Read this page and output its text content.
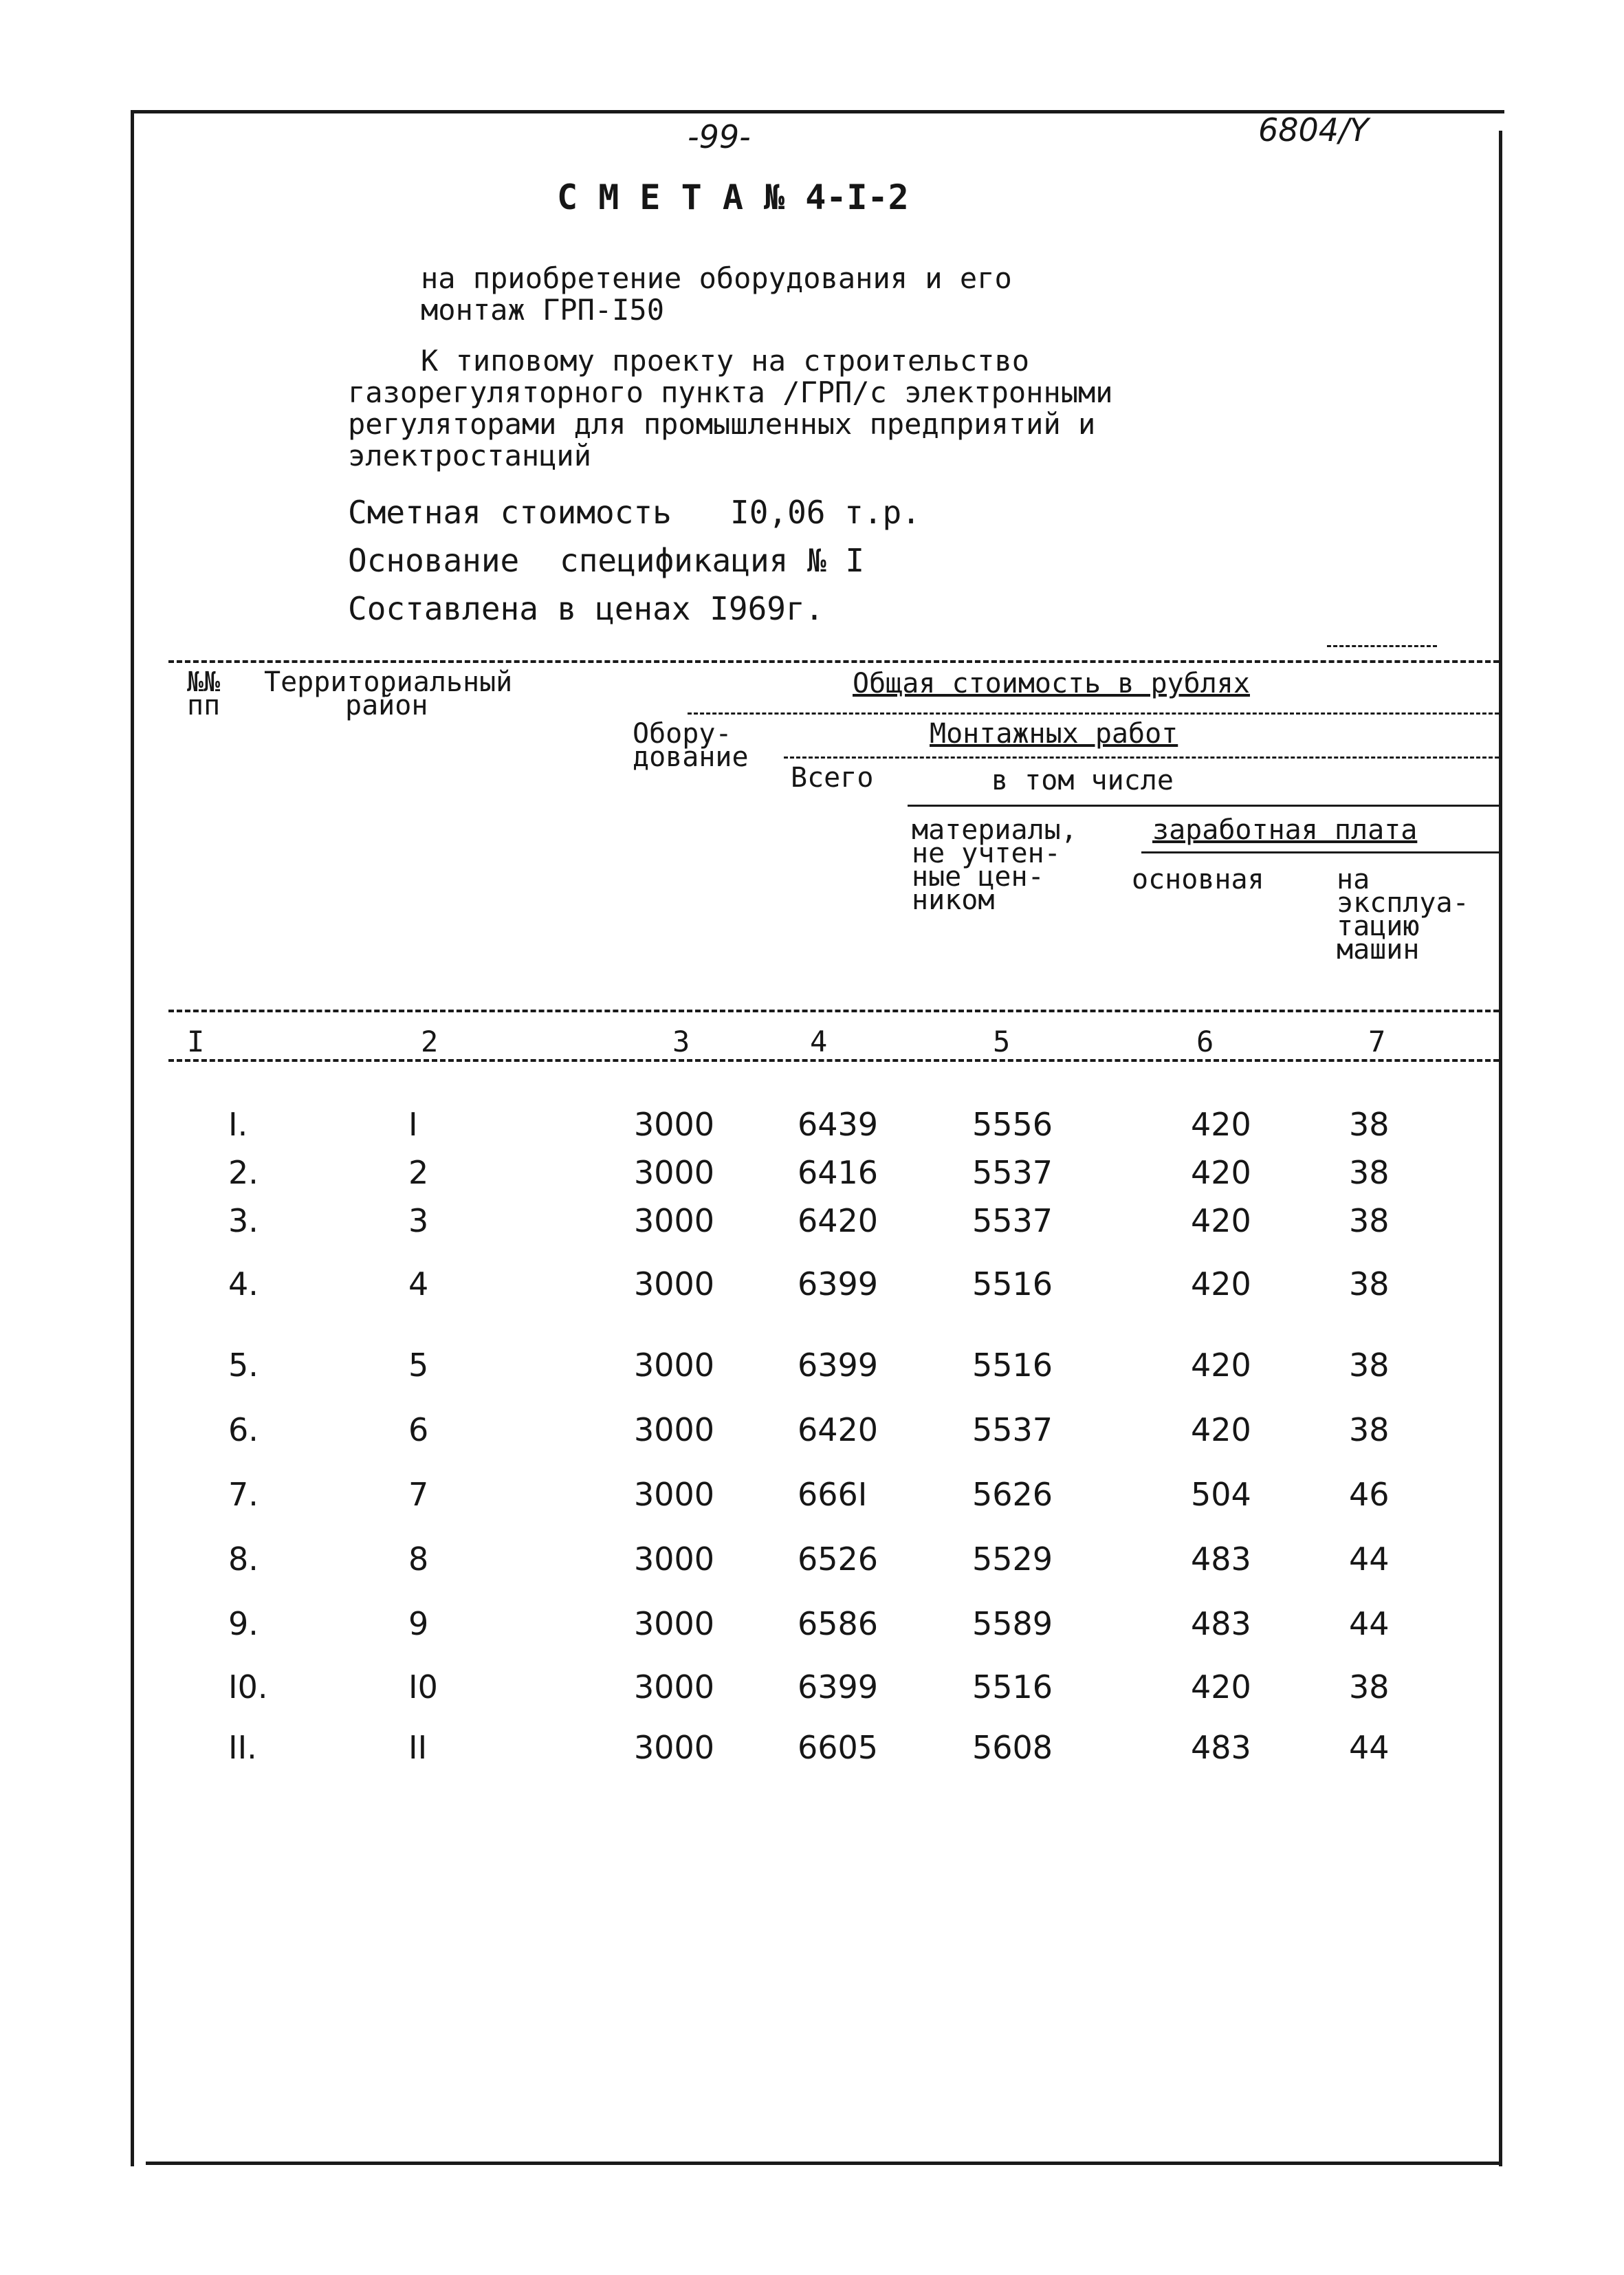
-99-	6804/Y
С М Е Т А № 4-I-2
на приобретение оборудования и его
монтаж ГРП-I50
К типовому проекту на строительство
газорегуляторного пункта /ГРП/с электронными
регуляторами для промышленных предприятий и
электростанций
Сметная стоимость I0,06 т.р.
Основание спецификация № I
Составлена в ценах I969г.
№№
пп
Территориальный
район
Общая стоимость в рублях
Обору-
дование
Монтажных работ
Всего	в том числе
материалы,
не учтен-
ные цен-
ником
заработная плата
основная	на
эксплуа-
тацию
машин
I	2	3	4	5	6	7
I.	I	3000	6439	5556	420	38
2.	2	3000	6416	5537	420	38
3.	3	3000	6420	5537	420	38
4.	4	3000	6399	5516	420	38
5.	5	3000	6399	5516	420	38
6.	6	3000	6420	5537	420	38
7.	7	3000	666I	5626	504	46
8.	8	3000	6526	5529	483	44
9.	9	3000	6586	5589	483	44
I0.	I0	3000	6399	5516	420	38
II.	II	3000	6605	5608	483	44
